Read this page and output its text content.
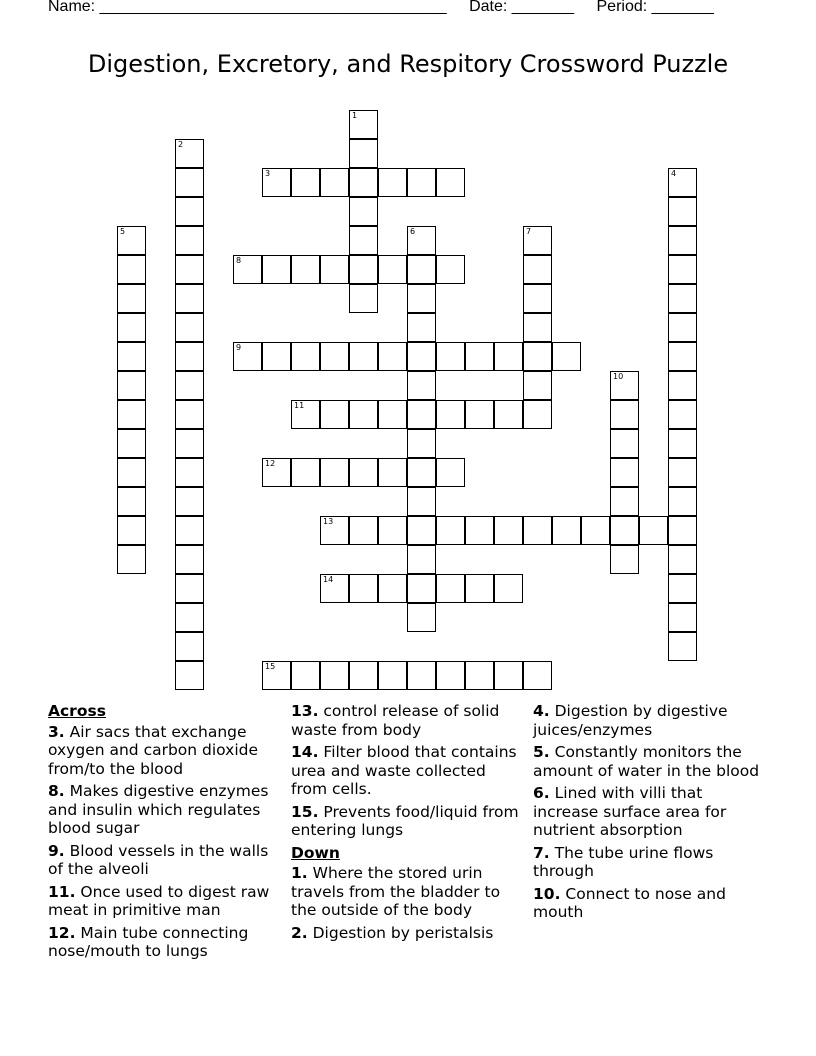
Name: _______________________________________ Date: _______ Period: _______
Digestion, Excretory, and Respitory Crossword Puzzle
3
8
9
11
12
13
14
15
1
2
4
5	6	7
10
Across
3. Air sacs that exchange oxygen and carbon dioxide from/to the blood
8. Makes digestive enzymes and insulin which regulates blood sugar
9. Blood vessels in the walls of the alveoli
11. Once used to digest raw meat in primitive man
12. Main tube connecting nose/mouth to lungs
13. control release of solid waste from body
14. Filter blood that contains urea and waste collected from cells.
15. Prevents food/liquid from entering lungs
Down
1. Where the stored urin travels from the bladder to the outside of the body
2. Digestion by peristalsis
4. Digestion by digestive juices/enzymes
5. Constantly monitors the amount of water in the blood
6. Lined with villi that increase surface area for nutrient absorption
7. The tube urine flows through
10. Connect to nose and mouth
